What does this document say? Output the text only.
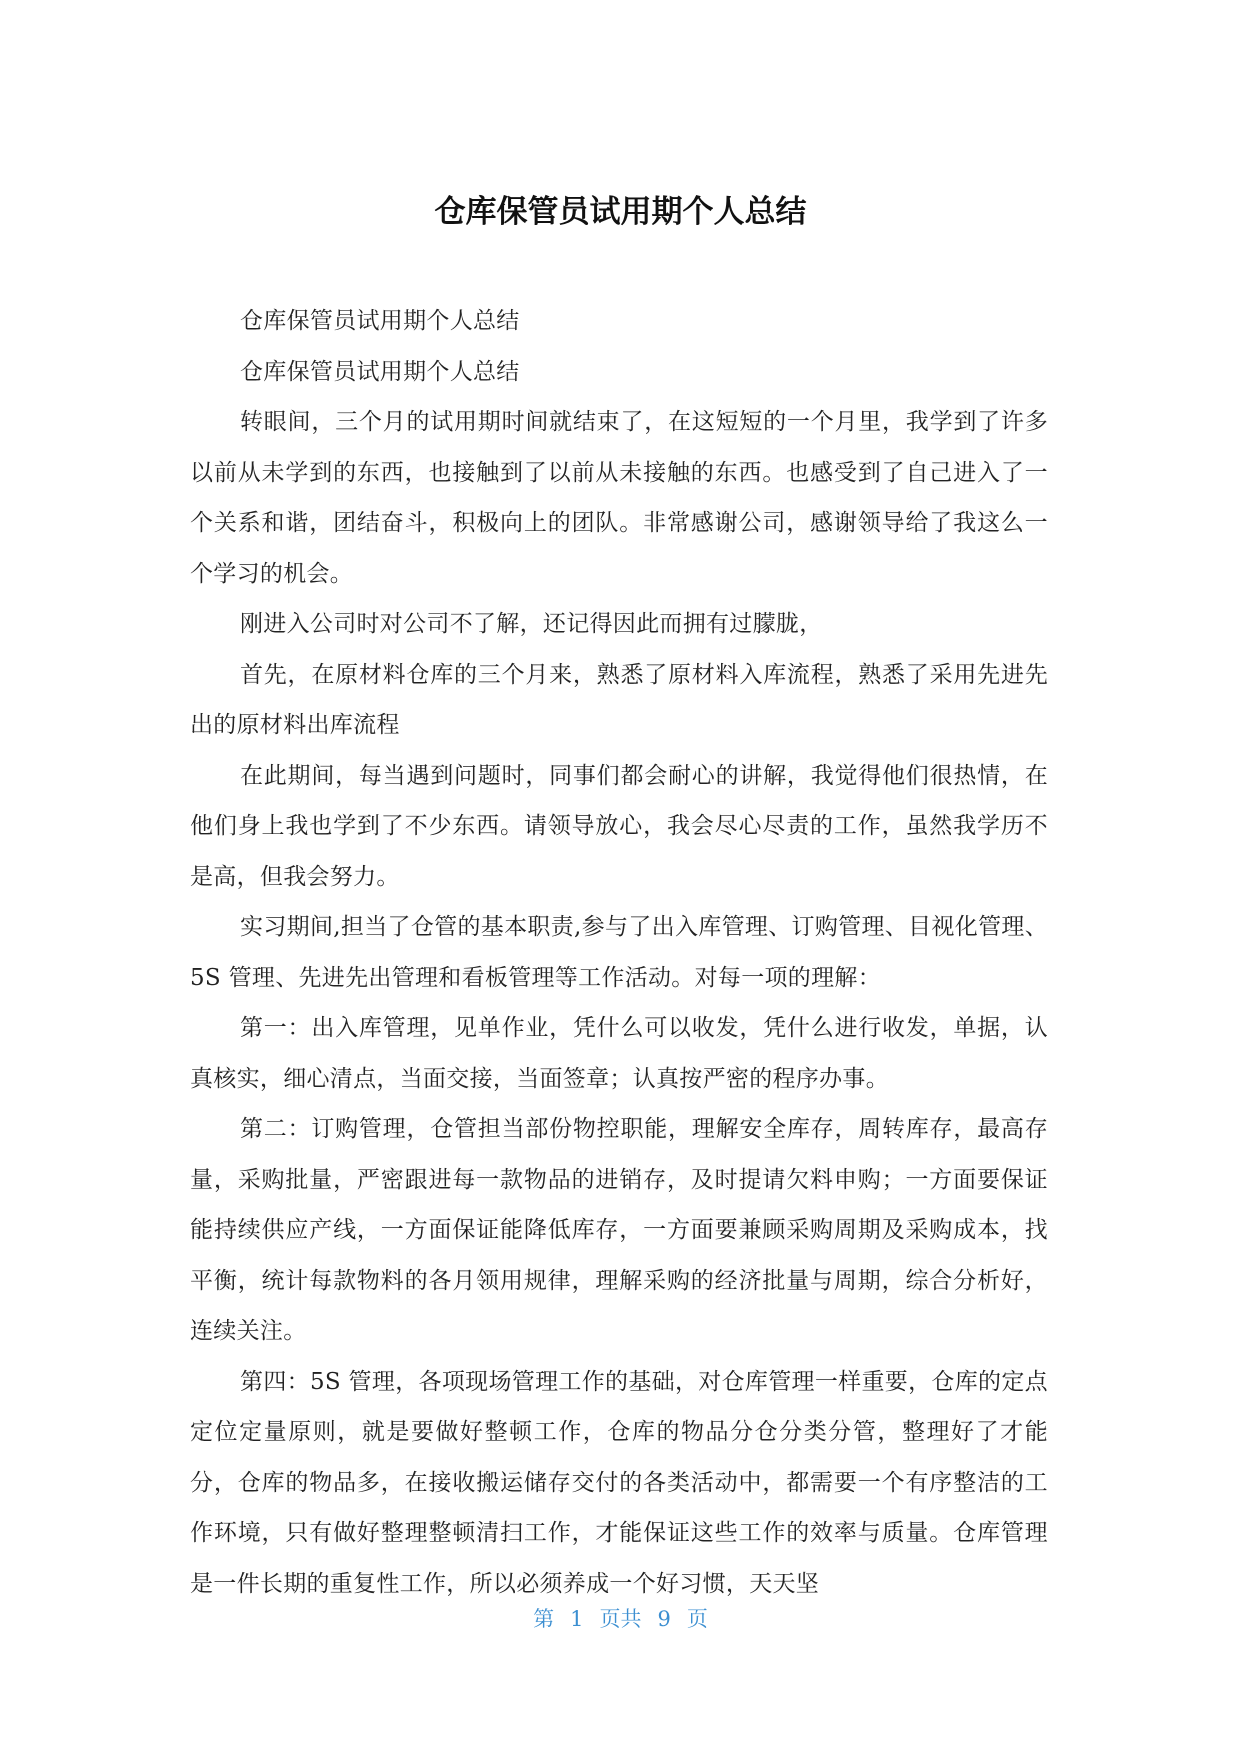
仓库保管员试用期个人总结

仓库保管员试用期个人总结

仓库保管员试用期个人总结

转眼间，三个月的试用期时间就结束了，在这短短的一个月里，我学到了许多以前从未学到的东西，也接触到了以前从未接触的东西。也感受到了自己进入了一个关系和谐，团结奋斗，积极向上的团队。非常感谢公司，感谢领导给了我这么一个学习的机会。

刚进入公司时对公司不了解，还记得因此而拥有过朦胧，

首先，在原材料仓库的三个月来，熟悉了原材料入库流程，熟悉了采用先进先出的原材料出库流程

在此期间，每当遇到问题时，同事们都会耐心的讲解，我觉得他们很热情，在他们身上我也学到了不少东西。请领导放心，我会尽心尽责的工作，虽然我学历不是高，但我会努力。

实习期间,担当了仓管的基本职责,参与了出入库管理、订购管理、目视化管理、5S 管理、先进先出管理和看板管理等工作活动。对每一项的理解：

第一：出入库管理，见单作业，凭什么可以收发，凭什么进行收发，单据，认真核实，细心清点，当面交接，当面签章；认真按严密的程序办事。

第二：订购管理，仓管担当部份物控职能，理解安全库存，周转库存，最高存量，采购批量，严密跟进每一款物品的进销存，及时提请欠料申购；一方面要保证能持续供应产线，一方面保证能降低库存，一方面要兼顾采购周期及采购成本，找平衡，统计每款物料的各月领用规律，理解采购的经济批量与周期，综合分析好，连续关注。

第四：5S 管理，各项现场管理工作的基础，对仓库管理一样重要，仓库的定点定位定量原则，就是要做好整顿工作，仓库的物品分仓分类分管，整理好了才能分，仓库的物品多，在接收搬运储存交付的各类活动中，都需要一个有序整洁的工作环境，只有做好整理整顿清扫工作，才能保证这些工作的效率与质量。仓库管理是一件长期的重复性工作，所以必须养成一个好习惯，天天坚

第 1 页共 9 页
